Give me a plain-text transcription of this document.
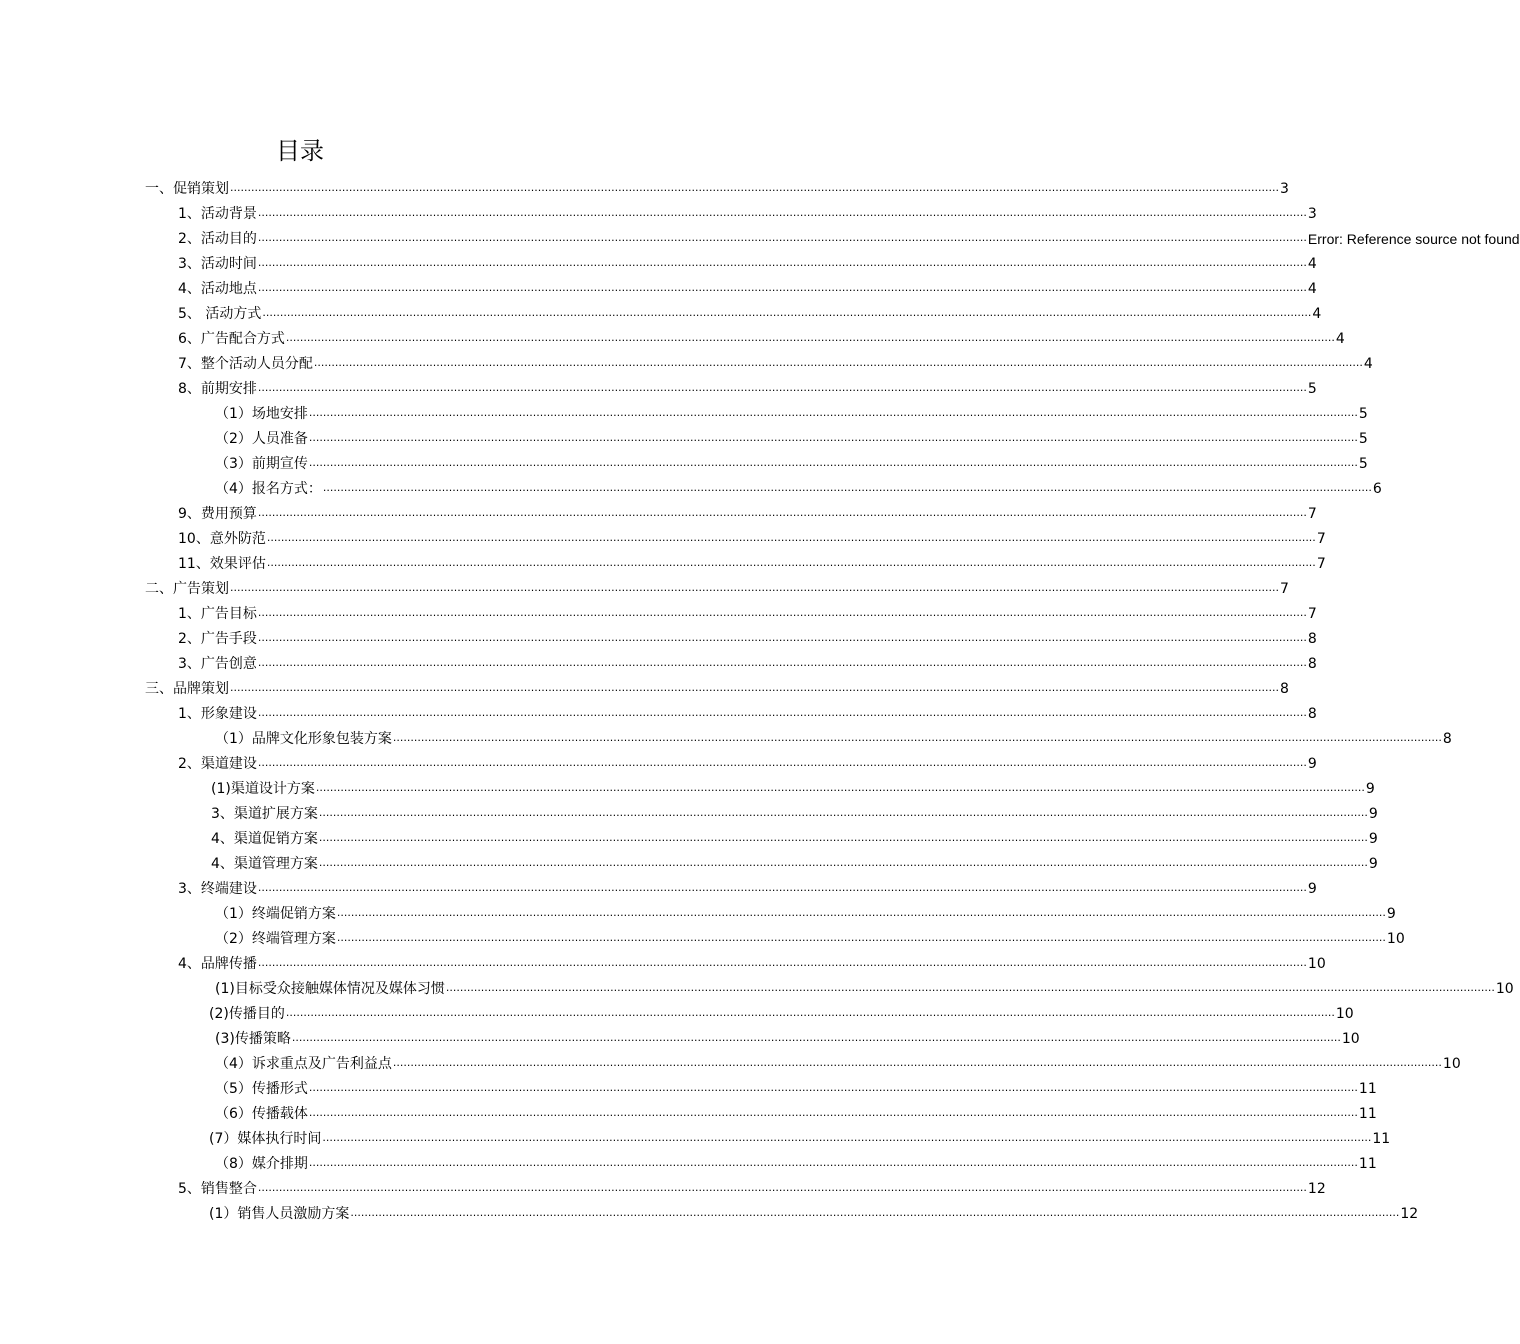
目录
一、促销策划 ............................................................................................................................................................................................................................................................................................................ 3
1、活动背景 ............................................................................................................................................................................................................................................................................................................ 3
2、活动目的 ............................................................................................................................................................................................................................................................................................................ Error: Reference source not found
3、活动时间 ............................................................................................................................................................................................................................................................................................................ 4
4、活动地点 ............................................................................................................................................................................................................................................................................................................ 4
5、 活动方式 ............................................................................................................................................................................................................................................................................................................ 4
6、广告配合方式 ............................................................................................................................................................................................................................................................................................................ 4
7、整个活动人员分配 ............................................................................................................................................................................................................................................................................................................ 4
8、前期安排 ............................................................................................................................................................................................................................................................................................................ 5
（1）场地安排 ............................................................................................................................................................................................................................................................................................................ 5
（2）人员准备 ............................................................................................................................................................................................................................................................................................................ 5
（3）前期宣传 ............................................................................................................................................................................................................................................................................................................ 5
（4）报名方式： ............................................................................................................................................................................................................................................................................................................ 6
9、费用预算 ............................................................................................................................................................................................................................................................................................................ 7
10、意外防范 ............................................................................................................................................................................................................................................................................................................ 7
11、效果评估 ............................................................................................................................................................................................................................................................................................................ 7
二、广告策划 ............................................................................................................................................................................................................................................................................................................ 7
1、广告目标 ............................................................................................................................................................................................................................................................................................................ 7
2、广告手段 ............................................................................................................................................................................................................................................................................................................ 8
3、广告创意 ............................................................................................................................................................................................................................................................................................................ 8
三、品牌策划 ............................................................................................................................................................................................................................................................................................................ 8
1、形象建设 ............................................................................................................................................................................................................................................................................................................ 8
（1）品牌文化形象包装方案 ............................................................................................................................................................................................................................................................................................................ 8
2、渠道建设 ............................................................................................................................................................................................................................................................................................................ 9
(1)渠道设计方案 ............................................................................................................................................................................................................................................................................................................ 9
3、渠道扩展方案 ............................................................................................................................................................................................................................................................................................................ 9
4、渠道促销方案 ............................................................................................................................................................................................................................................................................................................ 9
4、渠道管理方案 ............................................................................................................................................................................................................................................................................................................ 9
3、终端建设 ............................................................................................................................................................................................................................................................................................................ 9
（1）终端促销方案 ............................................................................................................................................................................................................................................................................................................ 9
（2）终端管理方案 ............................................................................................................................................................................................................................................................................................................ 10
4、品牌传播 ............................................................................................................................................................................................................................................................................................................ 10
(1)目标受众接触媒体情况及媒体习惯 ............................................................................................................................................................................................................................................................................................................ 10
(2)传播目的 ............................................................................................................................................................................................................................................................................................................ 10
(3)传播策略 ............................................................................................................................................................................................................................................................................................................ 10
（4）诉求重点及广告利益点 ............................................................................................................................................................................................................................................................................................................ 10
（5）传播形式 ............................................................................................................................................................................................................................................................................................................ 11
（6）传播载体 ............................................................................................................................................................................................................................................................................................................ 11
(7）媒体执行时间 ............................................................................................................................................................................................................................................................................................................ 11
（8）媒介排期 ............................................................................................................................................................................................................................................................................................................ 11
5、销售整合 ............................................................................................................................................................................................................................................................................................................ 12
(1）销售人员激励方案 ............................................................................................................................................................................................................................................................................................................ 12
